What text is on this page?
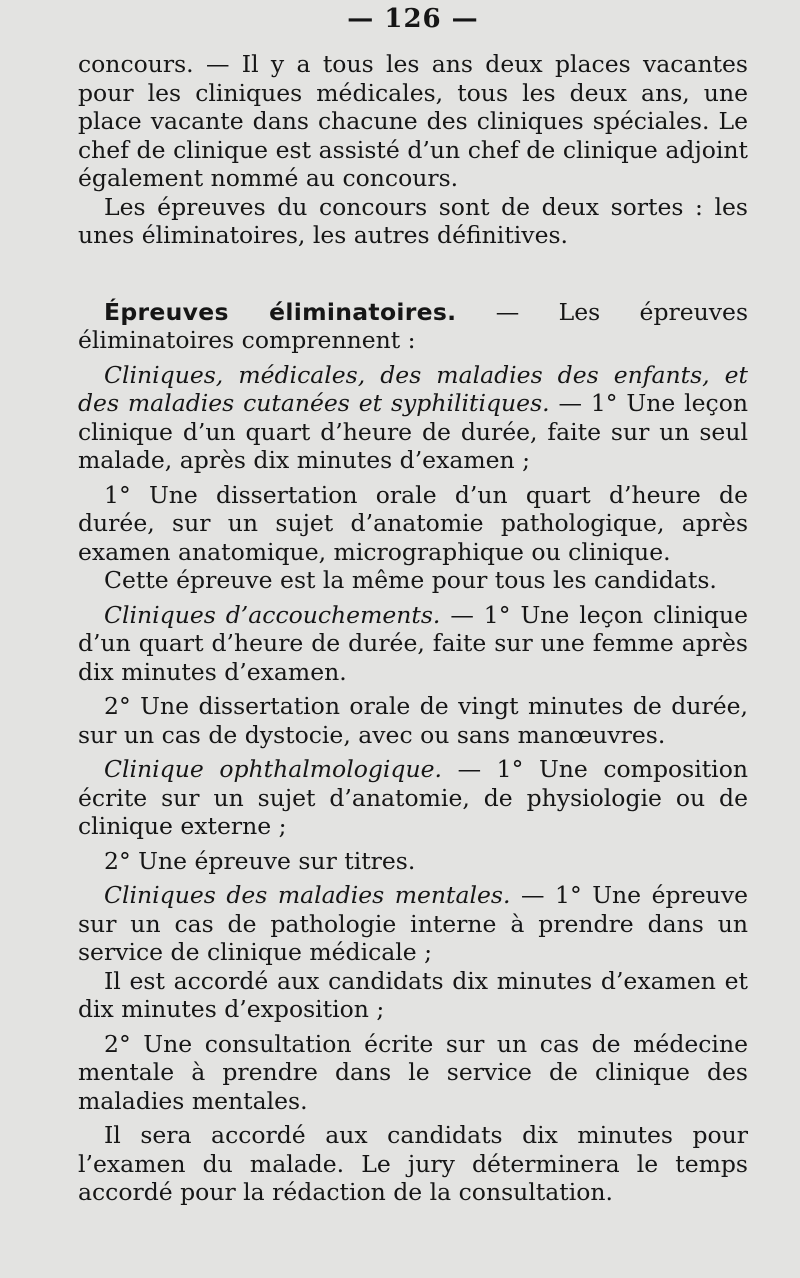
— 126 —

concours. — Il y a tous les ans deux places vacantes pour les cliniques médicales, tous les deux ans, une place vacante dans chacune des cliniques spéciales. Le chef de clinique est assisté d’un chef de clinique adjoint également nommé au concours.

Les épreuves du concours sont de deux sortes : les unes éliminatoires, les autres définitives.

Épreuves éliminatoires. — Les épreuves éliminatoires comprennent :

Cliniques, médicales, des maladies des enfants, et des maladies cutanées et syphilitiques. — 1° Une leçon clinique d’un quart d’heure de durée, faite sur un seul malade, après dix minutes d’examen ;

1° Une dissertation orale d’un quart d’heure de durée, sur un sujet d’anatomie pathologique, après examen anatomique, micrographique ou clinique.

Cette épreuve est la même pour tous les candidats.

Cliniques d’accouchements. — 1° Une leçon clinique d’un quart d’heure de durée, faite sur une femme après dix minutes d’examen.

2° Une dissertation orale de vingt minutes de durée, sur un cas de dystocie, avec ou sans manœuvres.

Clinique ophthalmologique. — 1° Une composition écrite sur un sujet d’anatomie, de physiologie ou de clinique externe ;

2° Une épreuve sur titres.

Cliniques des maladies mentales. — 1° Une épreuve sur un cas de pathologie interne à prendre dans un service de clinique médicale ;

Il est accordé aux candidats dix minutes d’examen et dix minutes d’exposition ;

2° Une consultation écrite sur un cas de médecine mentale à prendre dans le service de clinique des maladies mentales.

Il sera accordé aux candidats dix minutes pour l’examen du malade. Le jury déterminera le temps accordé pour la rédaction de la consultation.
